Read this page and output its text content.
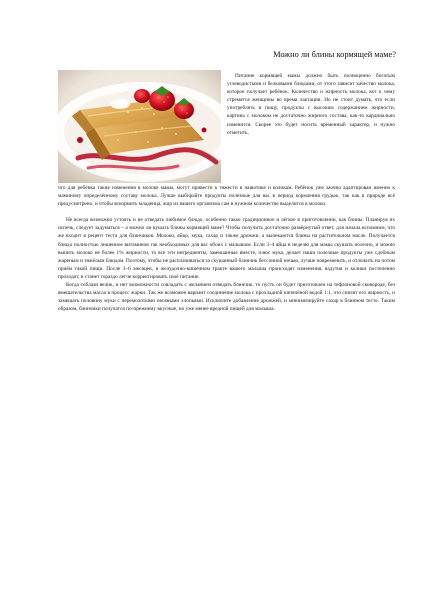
Можно ли блины кормящей маме?

Питание кормящей мамы должно быть полноценно богатым углеводистыми и белковыми блюдами, от этого зависит качество молока, которое получает ребёнок. Количество и жирность молока, вот к чему стремятся женщины во время лактации. Но не стоит думать, что если употреблять в пищу, продукты с высоким содержанием жирности, картина с молоком не достаточно жирного состава, как-то кардинально изменится. Скорее это будет носить временный характер, и нужно отметить,

что для ребёнка такие изменения в молоке мамы, могут привести к тяжести в животике и коликам. Ребёнок уже заочно адаптирован именно к маминому определённому составу молока. Лучше выбирайте продукты полезные для вас в период кормления грудью, так как в природе всё предусмотрено, и чтобы вскормить младенца, жир из вашего организма сам в нужном количестве выделится в молоко.

Не всегда возможно устоять и не отведать любимое блюдо, особенно такое традиционное и лёгкое в приготовлении, как блины. Планируя их испечь, следует задуматься – а можно ли кушать блины кормящей маме? Чтобы получить достаточно развёрнутый ответ, для начала вспомним, что же входит в рецепт теста для блинчиков. Молоко, яйцо, мука, сахар и также дрожжи, а выпекаются блины на растительном масле. Получается блюдо полностью лишенное витаминов так необходимых для вас обоих с малышом. Если 3–4 яйца в неделю для мамы скушать полезно, и можно выпить молоко не более 1% жирности, то все эти ингредиенты, замешанные вместе, плюс мука, делает наши полезные продукты уже сдобным жареным и тяжёлым блюдом. Поэтому, чтобы не расплачиваться за скушанный блинчик бессонной ночью, лучше повременить, и отложить на потом приём такой пищи. После 3–6 месяцев, в желудочно-кишечном тракте вашего малыша происходят изменения, вздутия и колики постепенно проходят, и станет гораздо легче корректировать своё питание.

Когда соблазн велик, и нет возможности совладать с желанием отведать блинчик, то пусть он будет приготовлен на тефлоновой сковороде, без вмешательства масла в процесс жарки. Так же возможен вариант соединение молока с прохладной кипячёной водой 1:1, что снизит его жирность, и замешать половину муки с перемолотыми овсяными хлопьями. Исключите добавление дрожжей, и минимизируйте сахар в блинном тесте. Таким образом, блинчики получатся по-прежнему вкусные, но уже менее вредной пищей для малыша.
